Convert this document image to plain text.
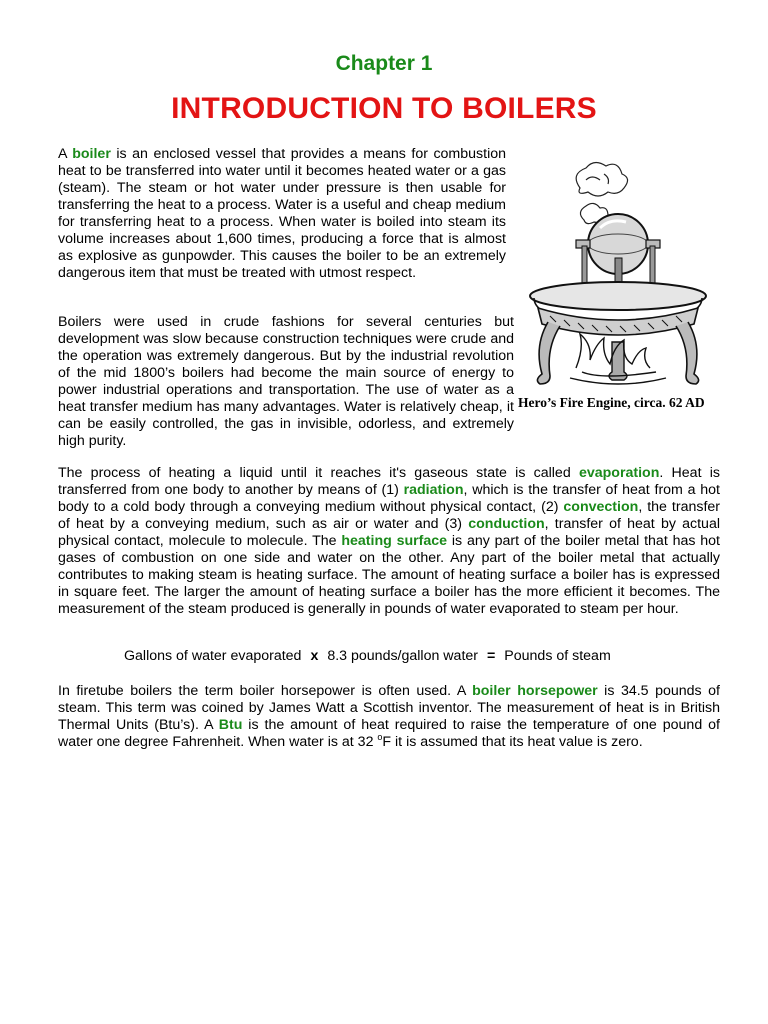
Chapter 1
INTRODUCTION TO BOILERS
Hero’s Fire Engine, circa. 62 AD
A boiler is an enclosed vessel that provides a means for combustion heat to be transferred into water until it becomes heated water or a gas (steam). The steam or hot water under pressure is then usable for transferring the heat to a process. Water is a useful and cheap medium for transferring heat to a process. When water is boiled into steam its volume increases about 1,600 times, producing a force that is almost as explosive as gunpowder. This causes the boiler to be an extremely dangerous item that must be treated with utmost respect.
Boilers were used in crude fashions for several centuries but development was slow because construction techniques were crude and the operation was extremely dangerous. But by the industrial revolution of the mid 1800’s boilers had become the main source of energy to power industrial operations and transportation. The use of water as a heat transfer medium has many advantages. Water is relatively cheap, it can be easily controlled, the gas in invisible, odorless, and extremely high purity.
The process of heating a liquid until it reaches it's gaseous state is called evaporation. Heat is transferred from one body to another by means of (1) radiation, which is the transfer of heat from a hot body to a cold body through a conveying medium without physical contact, (2) convection, the transfer of heat by a conveying medium, such as air or water and (3) conduction, transfer of heat by actual physical contact, molecule to molecule. The heating surface is any part of the boiler metal that has hot gases of combustion on one side and water on the other. Any part of the boiler metal that actually contributes to making steam is heating surface. The amount of heating surface a boiler has is expressed in square feet. The larger the amount of heating surface a boiler has the more efficient it becomes. The measurement of the steam produced is generally in pounds of water evaporated to steam per hour.
Gallons of water evaporated x 8.3 pounds/gallon water = Pounds of steam
In firetube boilers the term boiler horsepower is often used. A boiler horsepower is 34.5 pounds of steam. This term was coined by James Watt a Scottish inventor. The measurement of heat is in British Thermal Units (Btu’s). A Btu is the amount of heat required to raise the temperature of one pound of water one degree Fahrenheit. When water is at 32 $^o$F it is assumed that its heat value is zero.
